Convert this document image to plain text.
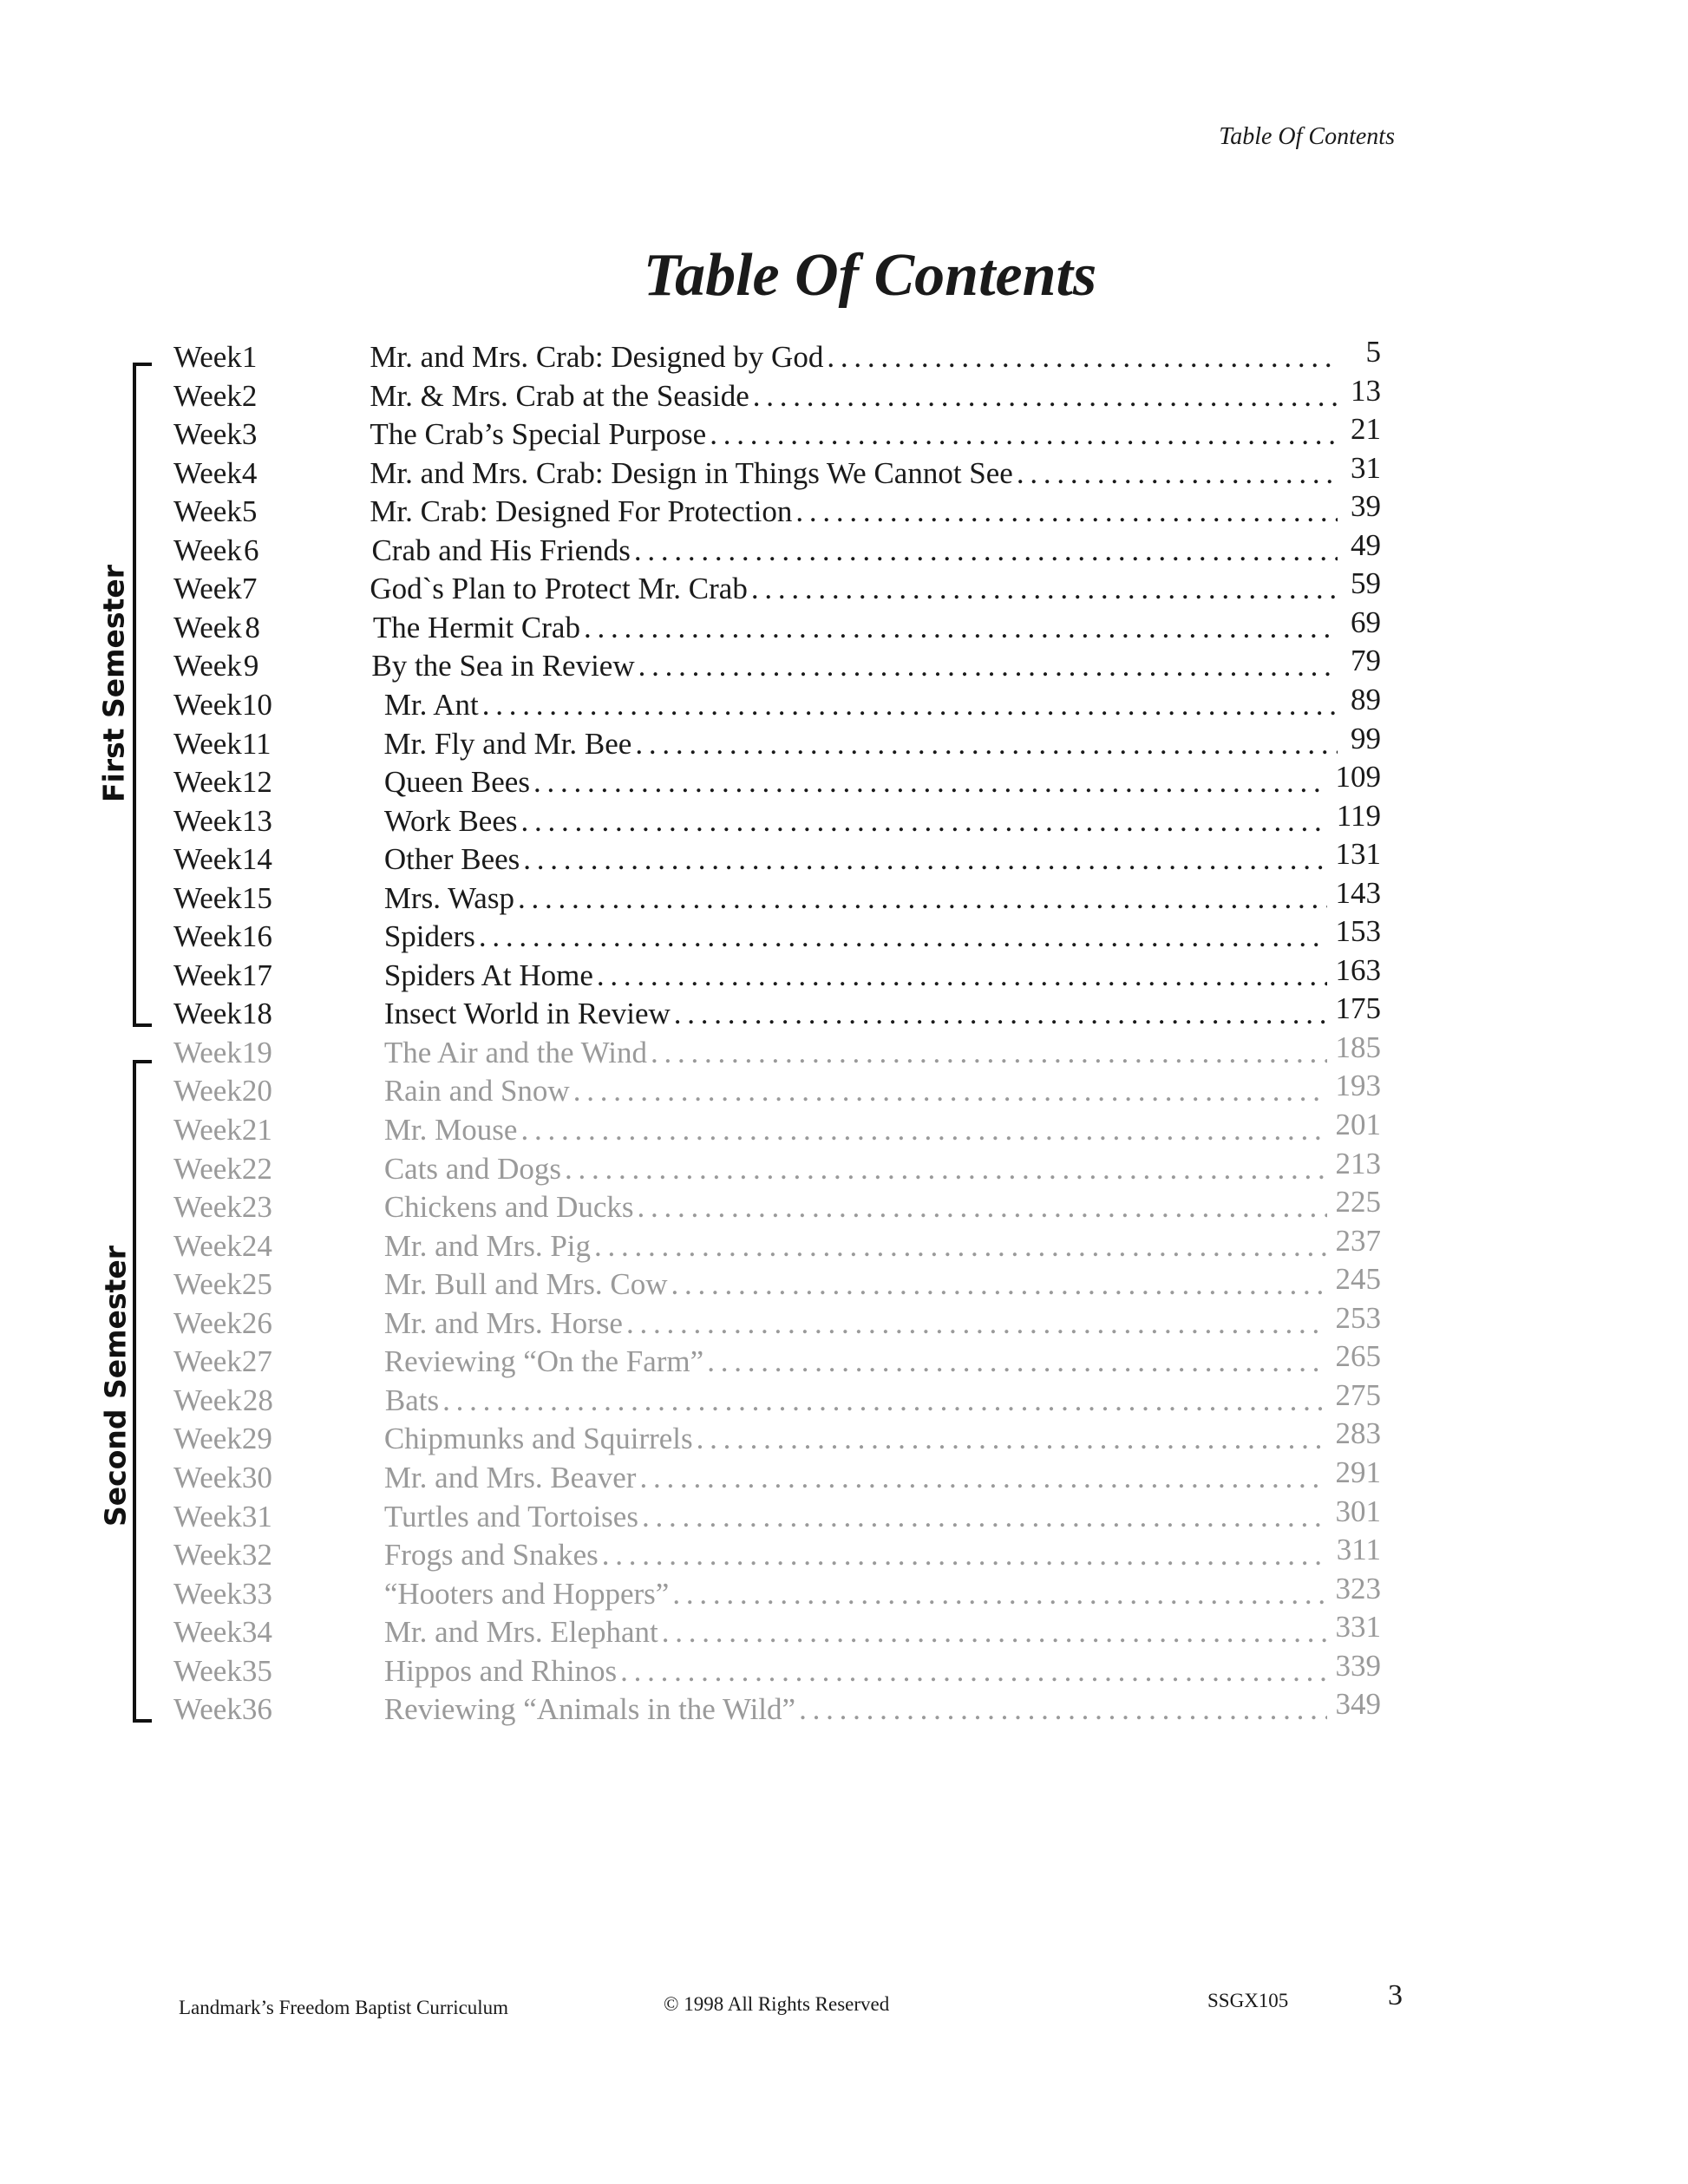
Table Of Contents
Table Of Contents
First Semester
Second Semester
Week 1	Mr. and Mrs. Crab: Designed by God . . .	5
Week 2	Mr. & Mrs. Crab at the Seaside . . .	13
Week 3	The Crab’s Special Purpose . . .	21
Week 4	Mr. and Mrs. Crab: Design in Things We Cannot See . . .	31
Week 5	Mr. Crab: Designed For Protection . . .	39
Week 6	Crab and His Friends . . .	49
Week 7	God`s Plan to Protect Mr. Crab . . .	59
Week 8	The Hermit Crab . . .	69
Week 9	By the Sea in Review . . .	79
Week 10	Mr. Ant . . .	89
Week 11	Mr. Fly and Mr. Bee . . .	99
Week 12	Queen Bees . . .	109
Week 13	Work Bees . . .	119
Week 14	Other Bees . . .	131
Week 15	Mrs. Wasp . . .	143
Week 16	Spiders . . .	153
Week 17	Spiders At Home . . .	163
Week 18	Insect World in Review . . .	175
Week 19	The Air and the Wind . . .	185
Week 20	Rain and Snow . . .	193
Week 21	Mr. Mouse . . .	201
Week 22	Cats and Dogs . . .	213
Week 23	Chickens and Ducks . . .	225
Week 24	Mr. and Mrs. Pig . . .	237
Week 25	Mr. Bull and Mrs. Cow . . .	245
Week 26	Mr. and Mrs. Horse . . .	253
Week 27	Reviewing “On the Farm” . . .	265
Week 28	Bats . . .	275
Week 29	Chipmunks and Squirrels . . .	283
Week 30	Mr. and Mrs. Beaver . . .	291
Week 31	Turtles and Tortoises . . .	301
Week 32	Frogs and Snakes . . .	311
Week 33	“Hooters and Hoppers” . . .	323
Week 34	Mr. and Mrs. Elephant . . .	331
Week 35	Hippos and Rhinos . . .	339
Week 36	Reviewing “Animals in the Wild” . . .	349
Landmark’s Freedom Baptist Curriculum	© 1998 All Rights Reserved	SSGX105	3
